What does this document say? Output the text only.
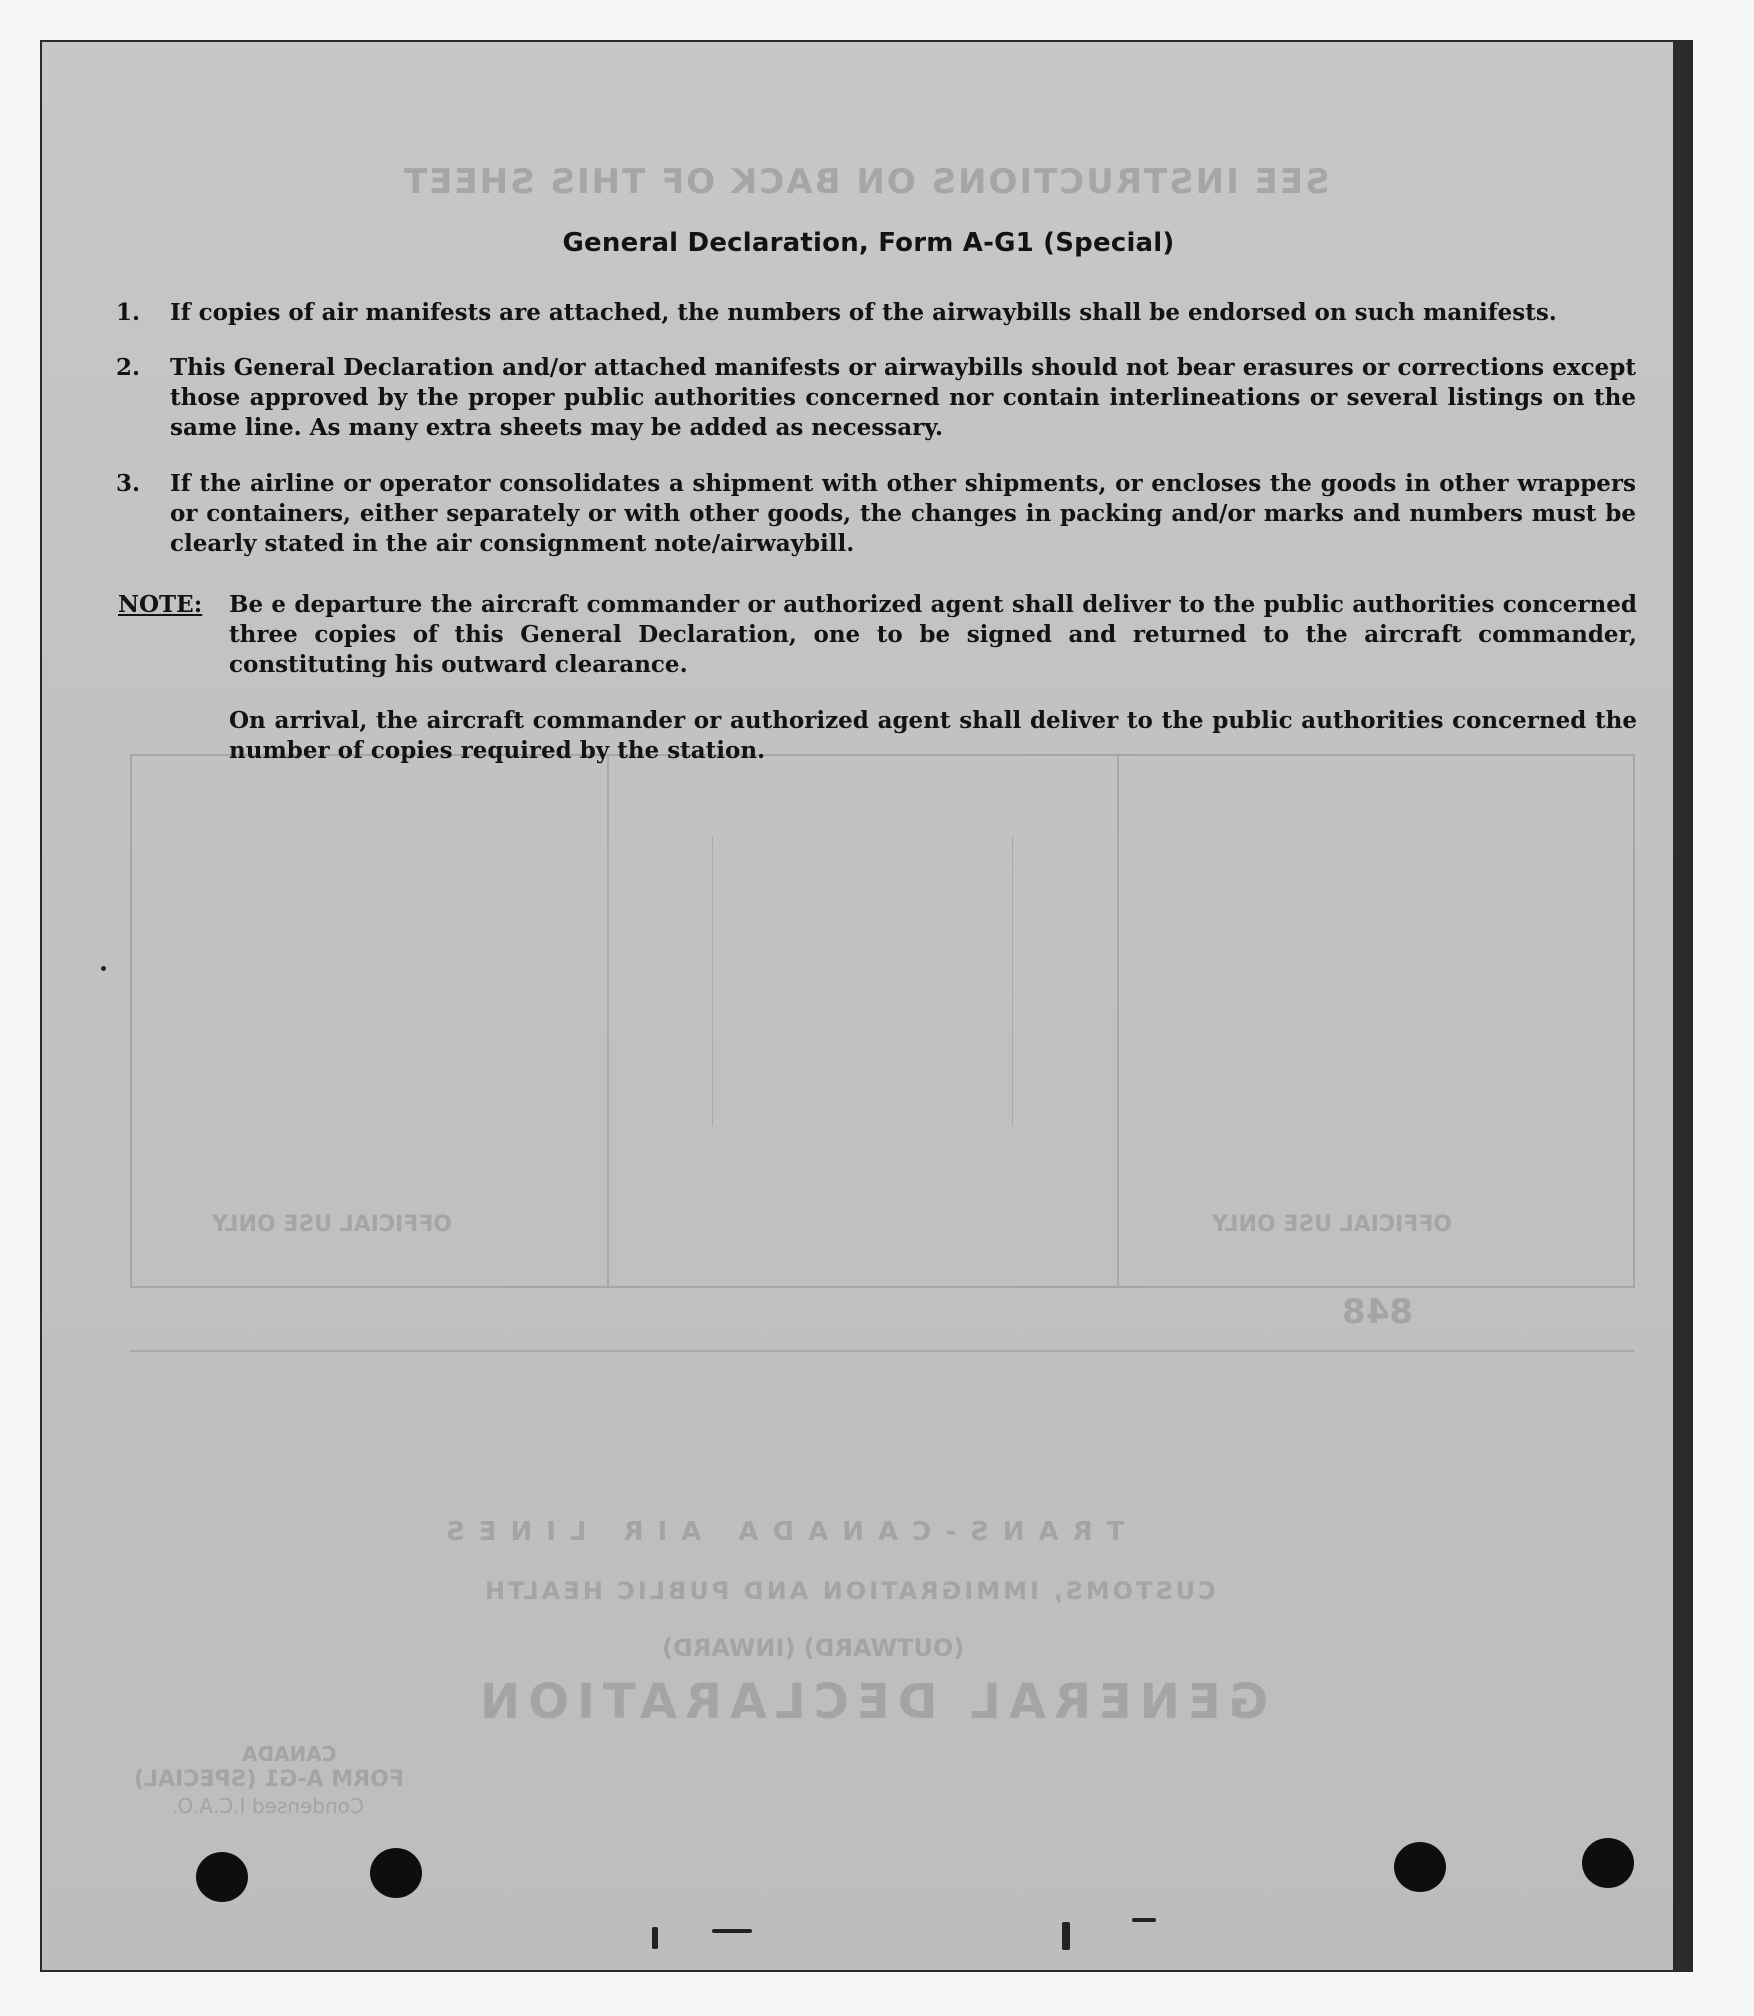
SEE INSTRUCTIONS ON BACK OF THIS SHEET
OFFICIAL USE ONLY	OFFICIAL USE ONLY
848
TRANS-CANADA AIR LINES
CUSTOMS, IMMIGRATION AND PUBLIC HEALTH
(OUTWARD) (INWARD)
GENERAL DECLARATION
CANADA
FORM A-G1 (SPECIAL)
Condensed I.C.A.O.
General Declaration, Form A-G1 (Special)
1.	If copies of air manifests are attached, the numbers of the airwaybills shall be endorsed on such manifests.
2.	This General Declaration and/or attached manifests or airwaybills should not bear erasures or corrections except those approved by the proper public authorities concerned nor contain interlineations or several listings on the same line. As many extra sheets may be added as necessary.
3.	If the airline or operator consolidates a shipment with other shipments, or encloses the goods in other wrappers or containers, either separately or with other goods, the changes in packing and/or marks and numbers must be clearly stated in the air consignment note/airwaybill.
NOTE: Be e departure the aircraft commander or authorized agent shall deliver to the public authorities concerned three copies of this General Declaration, one to be signed and returned to the aircraft commander, constituting his outward clearance.
On arrival, the aircraft commander or authorized agent shall deliver to the public authorities concerned the number of copies required by the station.
